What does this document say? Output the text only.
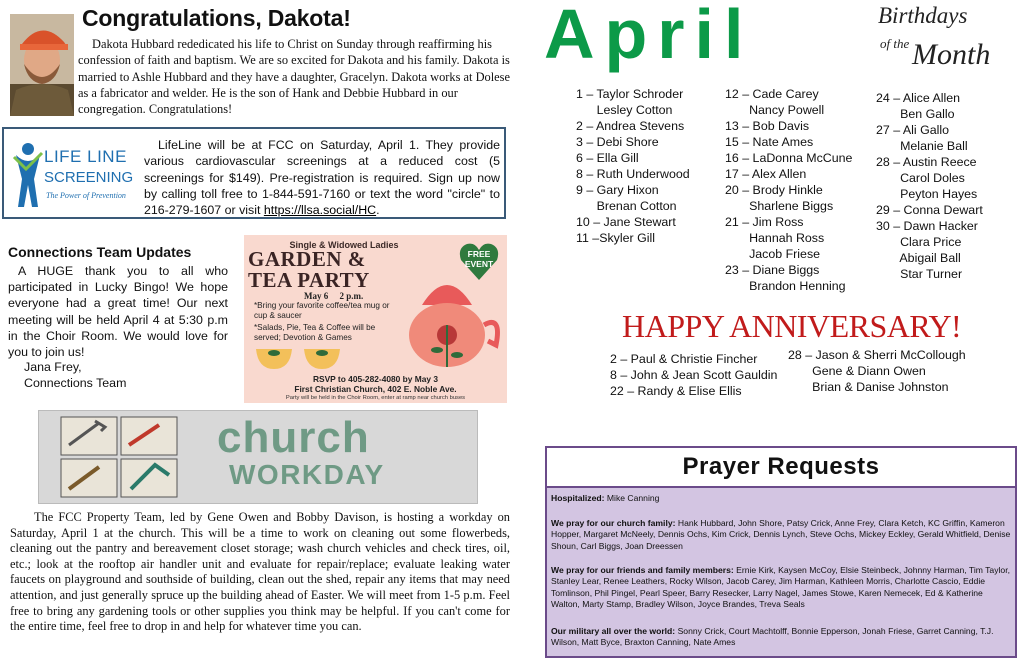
Congratulations, Dakota!
Dakota Hubbard rededicated his life to Christ on Sunday through reaffirming his confession of faith and baptism. We are so excited for Dakota and his family. Dakota is married to Ashle Hubbard and they have a daughter, Gracelyn. Dakota works at Dolese as a fabricator and welder. He is the son of Hank and Debbie Hubbard in our congregation. Congratulations!
LIFE LINE
SCREENING
The Power of Prevention
LifeLine will be at FCC on Saturday, April 1. They provide various cardiovascular screenings at a reduced cost (5 screenings for $149). Pre-registration is required. Sign up now by calling toll free to 1-844-591-7160 or text the word "circle" to 216-279-1607 or visit https://llsa.social/HC.
Connections Team Updates
A HUGE thank you to all who participated in Lucky Bingo! We hope everyone had a great time! Our next meeting will be held April 4 at 5:30 p.m in the Choir Room. We would love for you to join us!
Jana Frey,
Connections Team
Single & Widowed Ladies
GARDEN &
TEA PARTY
May 6     2 p.m.
*Bring your favorite coffee/tea mug or cup & saucer
*Salads, Pie, Tea & Coffee will be served; Devotion & Games
RSVP to 405-282-4080 by May 3
First Christian Church, 402 E. Noble Ave.
Party will be held in the Choir Room, enter at ramp near church buses
FREE
EVENT
church
WORKDAY
The FCC Property Team, led by Gene Owen and Bobby Davison, is hosting a workday on Saturday, April 1 at the church. This will be a time to work on cleaning out some flowerbeds, cleaning out the pantry and bereavement closet storage; wash church vehicles and check tires, oil, etc.; look at the rooftop air handler unit and evaluate for repair/replace; evaluate leaking water faucets on playground and southside of building, clean out the shed, repair any items that may need attention, and just generally spruce up the building ahead of Easter. We will meet from 1-5 p.m. Feel free to bring any gardening tools or other supplies you think may be helpful. If you can't come for the entire time, feel free to drop in and help for whatever time you can.
April	Birthdays
of the Month
1 – Taylor Schroder
Lesley Cotton
2 – Andrea Stevens
3 – Debi Shore
6 – Ella Gill
8 – Ruth Underwood
9 – Gary Hixon
Brenan Cotton
10 – Jane Stewart
11 –Skyler Gill
12 – Cade Carey
Nancy Powell
13 – Bob Davis
15 – Nate Ames
16 – LaDonna McCune
17 – Alex Allen
20 – Brody Hinkle
Sharlene Biggs
21 – Jim Ross
Hannah Ross
Jacob Friese
23 – Diane Biggs
Brandon Henning
24 – Alice Allen
Ben Gallo
27 – Ali Gallo
Melanie Ball
28 – Austin Reece
Carol Doles
Peyton Hayes
29 – Conna Dewart
30 – Dawn Hacker
Clara Price
Abigail Ball
Star Turner
HAPPY ANNIVERSARY!
2 – Paul & Christie Fincher
8 – John & Jean Scott Gauldin
22 – Randy & Elise Ellis
28 – Jason & Sherri McCollough
Gene & Diann Owen
Brian & Danise Johnston
Prayer Requests
Hospitalized: Mike Canning
We pray for our church family: Hank Hubbard, John Shore, Patsy Crick, Anne Frey, Clara Ketch, KC Griffin, Kameron Hopper, Margaret McNeely, Dennis Ochs, Kim Crick, Dennis Lynch, Steve Ochs, Mickey Eckley, Gerald Whitfield, Denise Shoun, Carl Biggs, Joan Dreessen
We pray for our friends and family members: Ernie Kirk, Kaysen McCoy, Elsie Steinbeck, Johnny Harman, Tim Taylor, Stanley Lear, Renee Leathers, Rocky Wilson, Jacob Carey, Jim Harman, Kathleen Morris, Charlotte Cascio, Eddie Tomlinson, Phil Pingel, Pearl Speer, Barry Resecker, Larry Nagel, James Stowe, Karen Nemecek, Ed & Katherine Walton, Marty Stamp, Bradley Wilson, Joyce Brandes, Treva Seals
Our military all over the world: Sonny Crick, Court Machtolff, Bonnie Epperson, Jonah Friese, Garret Canning, T.J. Wilson, Matt Byce, Braxton Canning, Nate Ames
